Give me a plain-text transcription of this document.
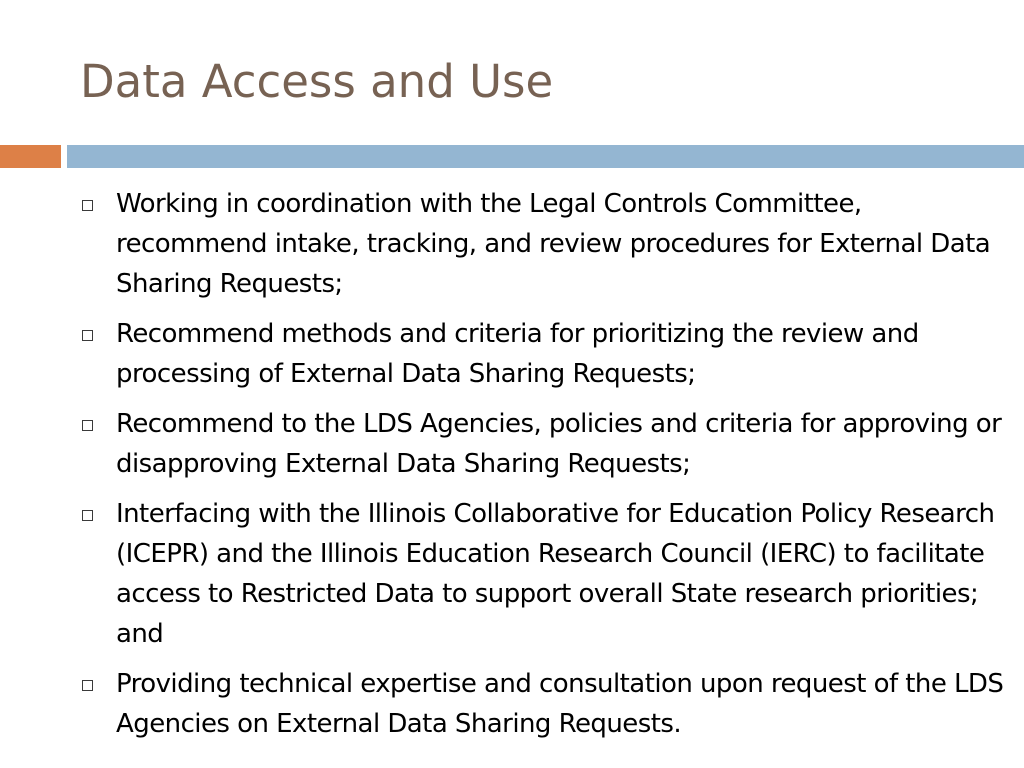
Data Access and Use
Working in coordination with the Legal Controls Committee, recommend intake, tracking, and review procedures for External Data Sharing Requests;
Recommend methods and criteria for prioritizing the review and processing of External Data Sharing Requests;
Recommend to the LDS Agencies, policies and criteria for approving or disapproving External Data Sharing Requests;
Interfacing with the Illinois Collaborative for Education Policy Research (ICEPR) and the Illinois Education Research Council (IERC) to facilitate access to Restricted Data to support overall State research priorities; and
Providing technical expertise and consultation upon request of the LDS Agencies on External Data Sharing Requests.
